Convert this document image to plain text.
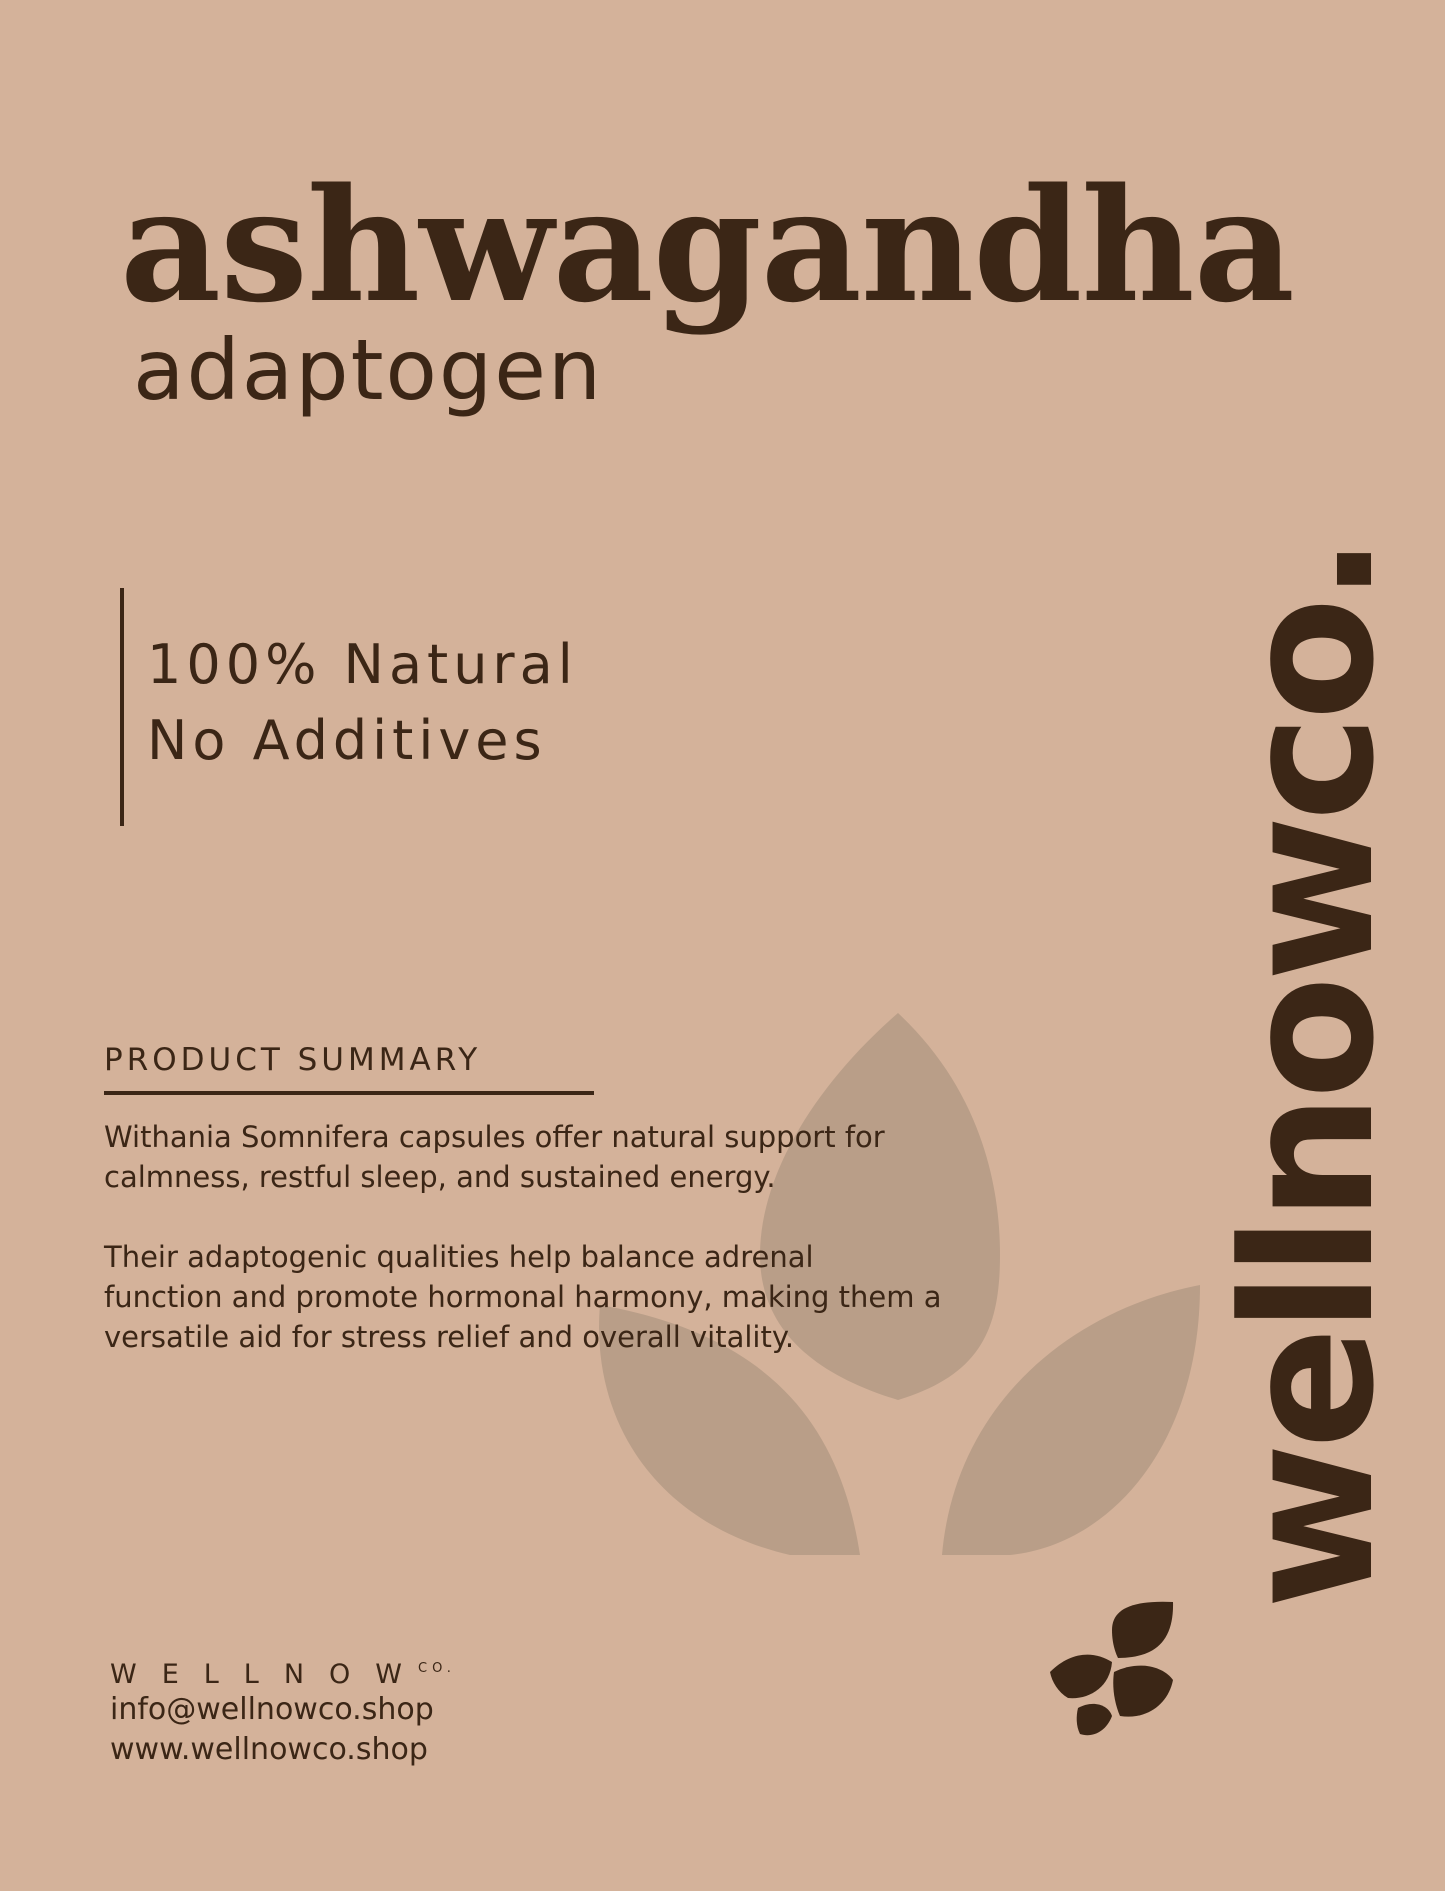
ashwagandha
adaptogen
100% Natural
No Additives
PRODUCT SUMMARY
Withania Somnifera capsules offer natural support for
calmness, restful sleep, and sustained energy.
Their adaptogenic qualities help balance adrenal
function and promote hormonal harmony, making them a
versatile aid for stress relief and overall vitality.
WELLNOW
CO.
info@wellnowco.shop
www.wellnowco.shop
wellnowco.
